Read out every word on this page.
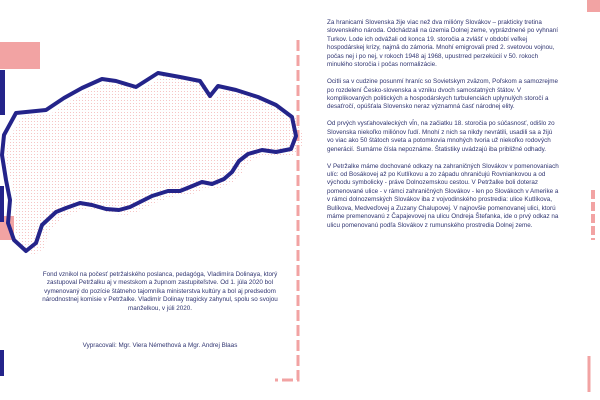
Fond vznikol na počesť petržalského poslanca, pedagóga, Vladimíra Dolinaya, ktorý zastupoval Petržalku aj v mestskom a župnom zastupiteľstve. Od 1. júla 2020 bol vymenovaný do pozície štátneho tajomníka ministerstva kultúry a bol aj predsedom národnostnej komisie v Petržalke. Vladimír Dolinay tragicky zahynul, spolu so svojou manželkou, v júli 2020.
Vypracovali: Mgr. Viera Némethová a Mgr. Andrej Blaas

Za hranicami Slovenska žije viac než dva milióny Slovákov – prakticky tretina slovenského národa. Odchádzali na územia Dolnej zeme, vyprázdnené po vyhnaní Turkov. Lode ich odvážali od konca 19. storočia a zvlášť v období veľkej hospodárskej krízy, najmä do zámoria. Mnohí emigrovali pred 2. svetovou vojnou, počas nej i po nej, v rokoch 1948 aj 1968, upustrred perzekúcií v 50. rokoch minulého storočia i počas normalizácie.

Ocitli sa v cudzine posunmí hraníc so Sovietskym zväzom, Poľskom a samozrejme po rozdelení Česko-slovenska a vzniku dvoch samostatných štátov. V komplikovaných politických a hospodárskych turbulenciách uplynulých storočí a desaťročí, opúšťala Slovensko neraz významná časť národnej elity.

Od prvých vysťahovaleckých vĺn, na začiatku 18. storočia po súčasnosť, odišlo zo Slovenska niekoľko miliónov ľudí. Mnohí z nich sa nikdy nevrátili, usadili sa a žijú vo viac ako 50 štátoch sveta a potomkovia mnohých tvoria už niekoľko rodových generácií. Sumárne čísla nepoznáme. Štatistiky uvádzajú iba približné odhady.

V Petržalke máme dochované odkazy na zahraničných Slovákov v pomenovaniach ulíc: od Bosákovej až po Kutlíkovu a zo západu ohraničujú Rovniankovou a od východu symbolicky - práve Dolnozemskou cestou. V Petržalke boli doteraz pomenované ulice - v rámci zahraničných Slovákov - len po Slovákoch v Amerike a v rámci dolnozemských Slovákov iba z vojvodinského prostredia: ulice Kutlíkova, Bulíkova, Medveďovej a Zuzany Chalupovej. V najnovšie pomenovanej ulici, ktorú máme premenovanú z Čapajevovej na ulicu Ondreja Štefanka, ide o prvý odkaz na ulicu pomenovanú podľa Slovákov z rumunského prostredia Dolnej zeme.
